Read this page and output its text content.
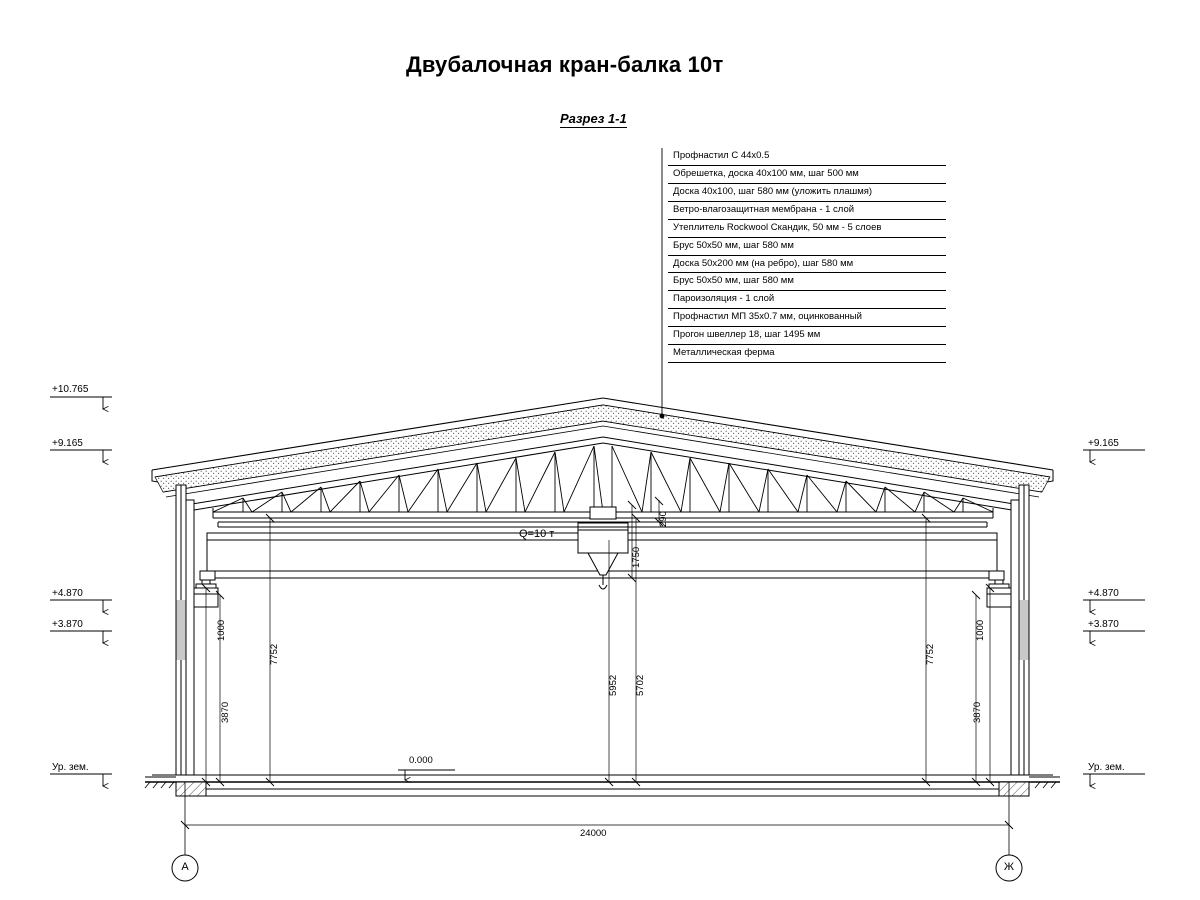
Двубалочная кран-балка 10т
Разрез 1-1
Профнастил С 44х0.5
Обрешетка, доска 40х100 мм, шаг 500 мм
Доска 40х100, шаг 580 мм (уложить плашмя)
Ветро-влагозащитная мембрана - 1 слой
Утеплитель Rockwool Скандик, 50 мм - 5 слоев
Брус 50х50 мм, шаг 580 мм
Доска 50х200 мм (на ребро), шаг 580 мм
Брус 50х50 мм, шаг 580 мм
Пароизоляция - 1 слой
Профнастил МП 35х0.7 мм, оцинкованный
Прогон швеллер 18, шаг 1495 мм
Металлическая ферма
+10.765
+9.165
+4.870
+3.870
Ур. зем.
+9.165
+4.870
+3.870
Ур. зем.
0.000
Q=10 т
290
1750
1000
7752	7752
1000
3870	3870
5952 5702
24000
А	Ж
